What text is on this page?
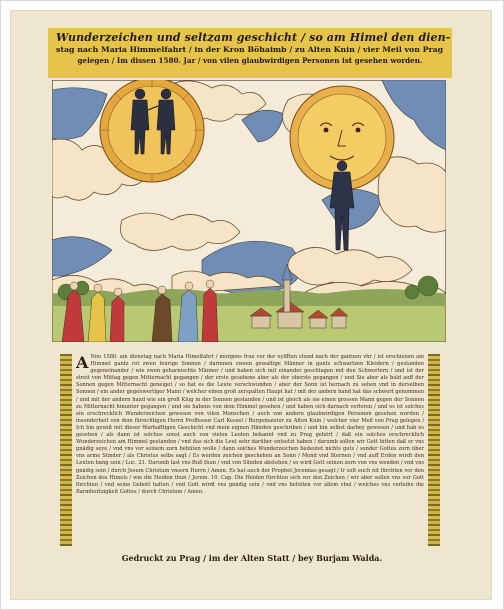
Wunderzeichen und seltzam geschicht / so am Himel den dien-
stag nach Maria Himmelfahrt / in der Kron Böhaimb / zu Alten Knin / vier Meil von Prag
gelegen / Im dissen 1580. Jar / von vilen glaubwirdigen Personen ist gesehen worden.
A Nno 1580. am dienstag nach Maria Himelfahrt / morgens frue vor der eylfften stund nach der gantzen vhr / ist erschienen am Himmel gantz rot zwen feurige Sonnen / darinnen zween gewaltige Männer in gantz schwartzen Kleidern / gestanden gegeneinander / wie zwen geharnischte Männer / und haben sich mit einander geschlagen mit den Schwertern / und ist der streit von Mittag gegen Mitternacht gegangen / der erste gesehene aber als der oberste gegangen / und Sie aber als bald auff der Sonnen gegen Mitternacht geneiget / so hat es die Leute verschwunden / aber der Sonn ist hernach zu sehen vnd in derselben Sonnen / ein ander gegenwertiger Mann / welcher einen groß zerspalten Haupt hat / mit der andern hand hat das schwert genommen / und mit der andern hand wie ein groß Klug in der Sonnen gestanden / und ist gleich als sie einen grossen Mann gegen der Sonnen zu Mitternacht hinunter gegangen / und sie habens von dem Himmel gesehen / und haben sich darnach verloren / und es ist solches ein erschrecklich Wunderzeichen gewesen von vilen Menschen / auch von andern glaubwirdigen Personen gesehen worden / insonderheit von dem fürsichtigen Herrn Proffessor Carl Kessel / Burgemaister zu Alten Knin / welcher vier Meil von Prag gelegen / Ich bin gewiß mit dieser Warhafftigen Geschicht vnd mein eignen Händen geschriben / und bin selbst darbey gewesen / und hab es gesehen / als dann ist solches sonst auch von vielen Leuten bekannt vnd zu Prag gehört / daß ein solches erschrecklich Wunderzeichen am Himmel gestanden / vnd das sich die Leut sehr darüber entsetzt haben / darumb sollen wir Gott bitten daß er vns gnädig seye / vnd vns vor seinem zorn behüten wolle / dann solches Wunderzeichen bedeutet nichts guts / sonder Gottes zorn über vns arme Sünder / als Christus selbs sagt / Es werden zeichen geschehen an Sonn / Mond vnd Sternen / vnd auff Erden wirdt den Leuten bang sein / Luc. 21. Darumb last vns Buß thun / vnd von Sünden abstehen / so wird Gott seinen zorn von vns wenden / vnd vns gnädig sein / durch Jesum Christum vnsern Herrn / Amen. Es hat auch der Prophet Jeremias gesagt / Ir solt euch nit fürchten vor den Zeichen des Himels / wie die Heiden thun / Jerem. 10. Cap. Die Heiden fürchten sich vor den Zeichen / wir aber sollen vns vor Gott fürchten / vnd seine Gebott halten / vnd Gott wirdt vns gnädig sein / vnd vns behüten vor allem vbel / welches vns verleihe die Barmhertzigkeit Gottes / durch Christum / Amen.
Gedruckt zu Prag / im der Alten Statt / bey Burjam Walda.
